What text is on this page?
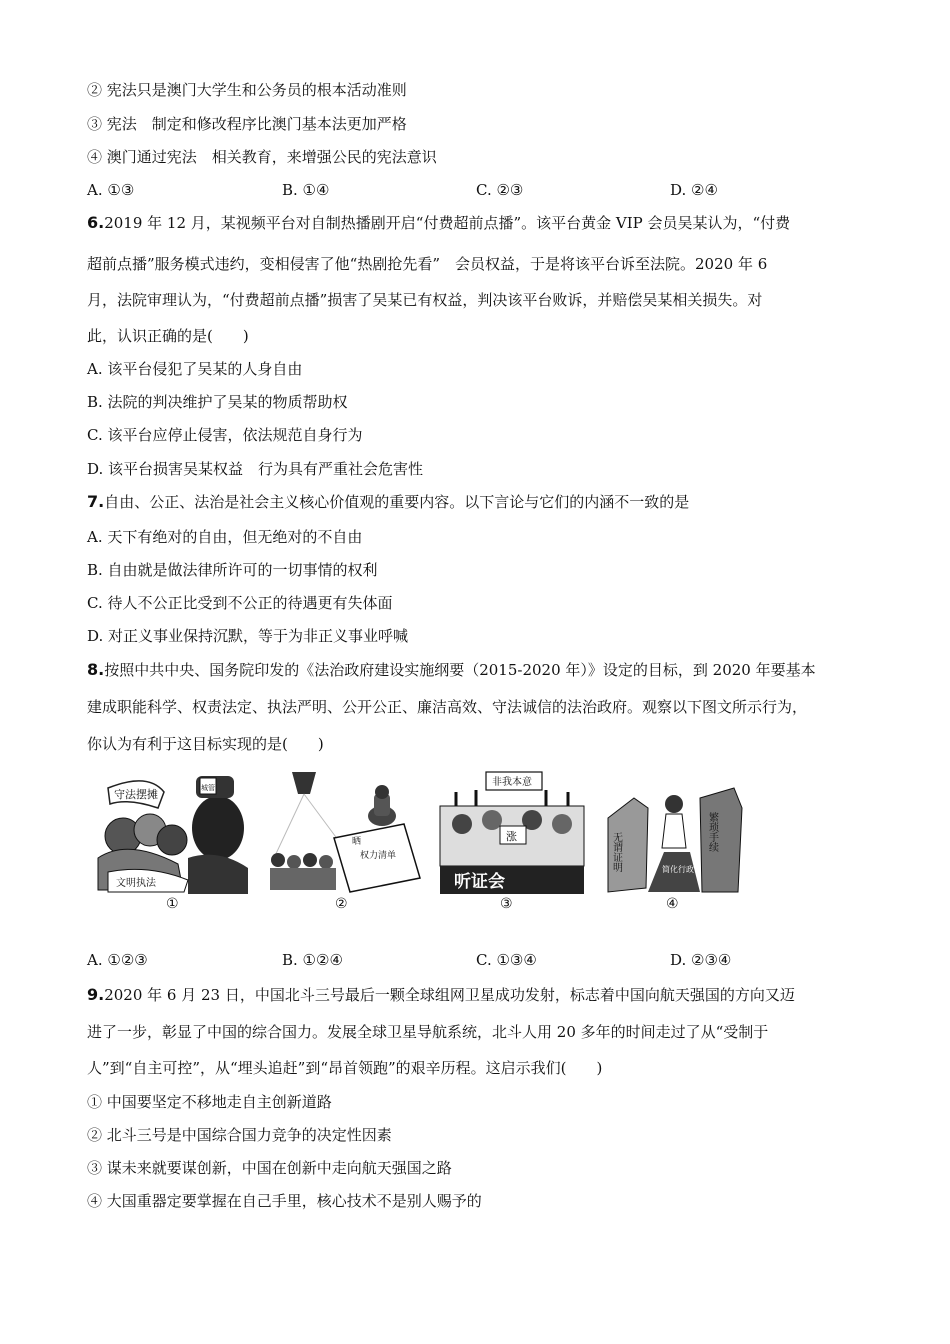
② 宪法只是澳门大学生和公务员的根本活动准则
③ 宪法　制定和修改程序比澳门基本法更加严格
④ 澳门通过宪法　相关教育，来增强公民的宪法意识
A. ①③	B. ①④	C. ②③	D. ②④
6.2019 年 12 月，某视频平台对自制热播剧开启“付费超前点播”。该平台黄金 VIP 会员吴某认为，“付费
超前点播”服务模式违约，变相侵害了他“热剧抢先看”　会员权益，于是将该平台诉至法院。2020 年 6
月，法院审理认为，“付费超前点播”损害了吴某已有权益，判决该平台败诉，并赔偿吴某相关损失。对
此，认识正确的是(　　)
A. 该平台侵犯了吴某的人身自由
B. 法院的判决维护了吴某的物质帮助权
C. 该平台应停止侵害，依法规范自身行为
D. 该平台损害吴某权益　行为具有严重社会危害性
7.自由、公正、法治是社会主义核心价值观的重要内容。以下言论与它们的内涵不一致的是
A. 天下有绝对的自由，但无绝对的不自由
B. 自由就是做法律所许可的一切事情的权利
C. 待人不公正比受到不公正的待遇更有失体面
D. 对正义事业保持沉默，等于为非正义事业呼喊
8.按照中共中央、国务院印发的《法治政府建设实施纲要（2015-2020 年）》设定的目标，到 2020 年要基本
建成职能科学、权责法定、执法严明、公开公正、廉洁高效、守法诚信的法治政府。观察以下图文所示行为，
你认为有利于这目标实现的是(　　)
守法摆摊	城管
文明执法
①
权力清单
晒
②
非我本意
涨
听证会
③
无谓证明	繁琐手续
简化行政
④
A. ①②③	B. ①②④	C. ①③④	D. ②③④
9.2020 年 6 月 23 日，中国北斗三号最后一颗全球组网卫星成功发射，标志着中国向航天强国的方向又迈
进了一步，彰显了中国的综合国力。发展全球卫星导航系统，北斗人用 20 多年的时间走过了从“受制于
人”到“自主可控”，从“埋头追赶”到“昂首领跑”的艰辛历程。这启示我们(　　)
① 中国要坚定不移地走自主创新道路
② 北斗三号是中国综合国力竞争的决定性因素
③ 谋未来就要谋创新，中国在创新中走向航天强国之路
④ 大国重器定要掌握在自己手里，核心技术不是别人赐予的
